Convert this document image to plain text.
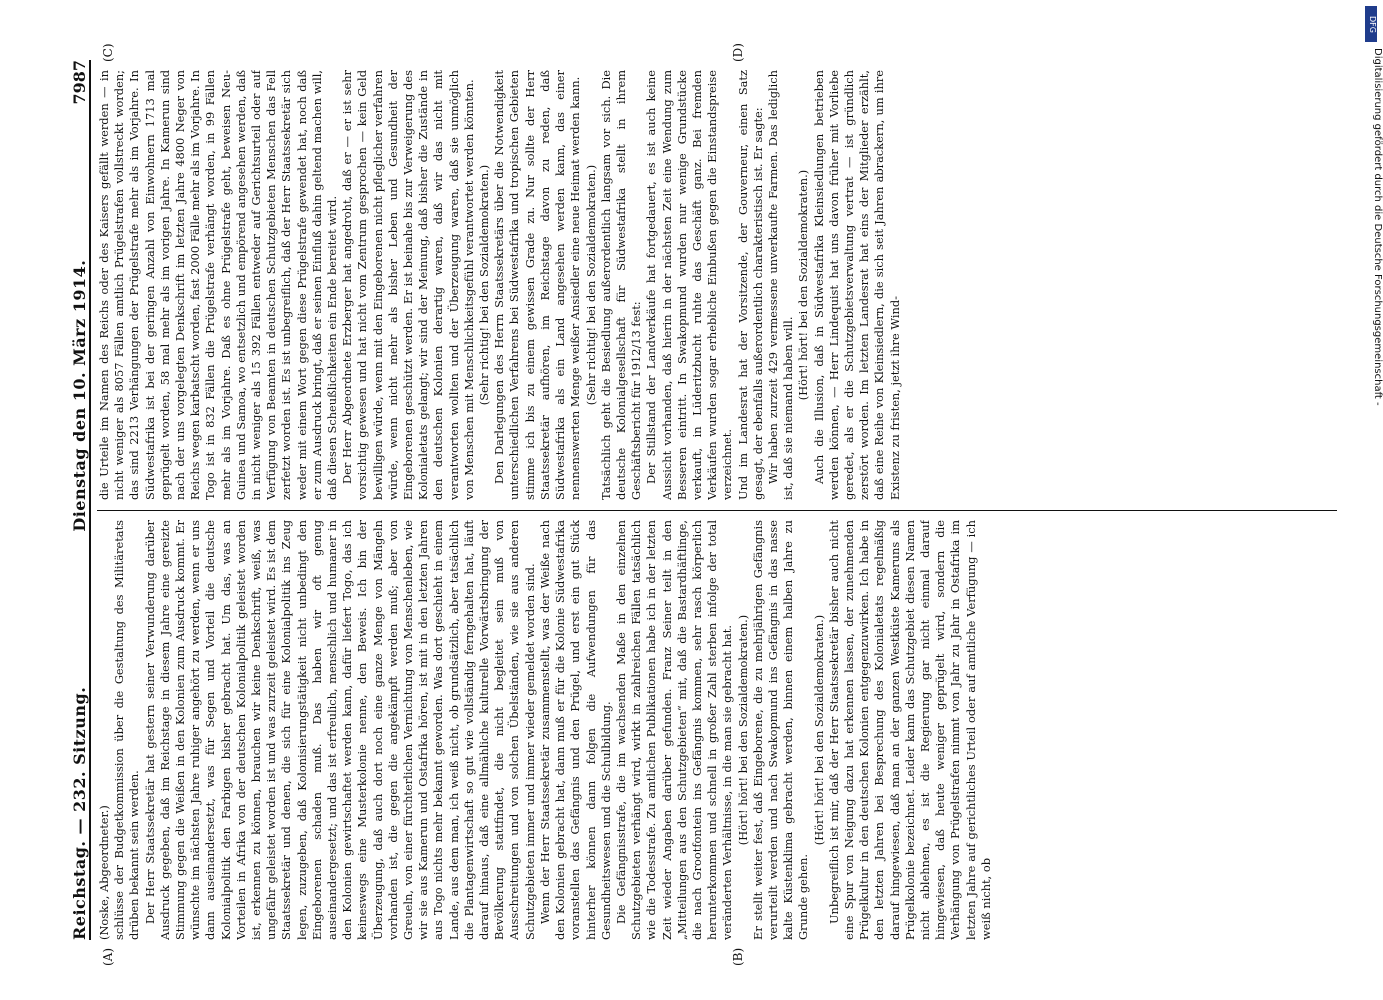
Reichstag. — 232. Sitzung.
Dienstag den 10. März 1914.
7987
(A)	(B)
(C)	(D)

(Noske, Abgeordneter.) schlüsse der Budgetkommission über die Gestaltung des Militäretats drüben bekannt sein werden. Der Herr Staatssekretär hat gestern seiner Verwunderung darüber Ausdruck gegeben, daß im Reichstage in diesem Jahre eine gereizte Stimmung gegen die Weißen in den Kolonien zum Ausdruck kommt. Er wünschte im nächsten Jahre ruhiger angehört zu werden, wenn er uns dann auseinandersetzt, was für Segen und Vorteil die deutsche Kolonialpolitik den Farbigen bisher gebracht hat. Um das, was an Vorteilen in Afrika von der deutschen Kolonialpolitik geleistet worden ist, erkennen zu können, brauchen wir keine Denkschrift, weiß, was ungefähr geleistet worden ist und was zurzeit geleistet wird. Es ist dem Staatssekretär und denen, die sich für eine Kolonialpolitik ins Zeug legen, zuzugeben, daß Kolonisierungstätigkeit nicht unbedingt den Eingeborenen schaden muß. Das haben wir oft genug auseinandergesetzt; und das ist erfreulich, menschlich und humaner in den Kolonien gewirtschaftet werden kann, dafür liefert Togo, das ich keineswegs eine Musterkolonie nenne, den Beweis. Ich bin der Überzeugung, daß auch dort noch eine ganze Menge von Mängeln vorhanden ist, die gegen die angekämpft werden muß; aber von Greueln, von einer fürchterlichen Vernichtung von Menschenleben, wie wir sie aus Kamerun und Ostafrika hören, ist mit in den letzten Jahren aus Togo nichts mehr bekannt geworden. Was dort geschieht in einem Lande, aus dem man, ich weiß nicht, ob grundsätzlich, aber tatsächlich die Plantagenwirtschaft so gut wie vollständig ferngehalten hat, läuft darauf hinaus, daß eine allmähliche kulturelle Vorwärtsbringung der Bevölkerung stattfindet, die nicht begleitet sein muß von Ausschreitungen und von solchen Übelständen, wie sie aus anderen Schutzgebieten immer und immer wieder gemeldet worden sind. Wenn der Herr Staatssekretär zusammenstellt, was der Weiße nach den Kolonien gebracht hat, dann muß er für die Kolonie Südwestafrika voranstellen das Gefängnis und den Prügel, und erst ein gut Stück hinterher können dann folgen die Aufwendungen für das Gesundheitswesen und die Schulbildung. Die Gefängnisstrafe, die im wachsenden Maße in den einzelnen Schutzgebieten verhängt wird, wirkt in zahlreichen Fällen tatsächlich wie die Todesstrafe. Zu amtlichen Publikationen habe ich in der letzten Zeit wieder Angaben darüber gefunden. Franz Seiner teilt in den „Mitteilungen aus den Schutzgebieten“ mit, daß die Bastardhäftlinge, die nach Grootfontein ins Gefängnis kommen, sehr rasch körperlich herunterkommen und schnell in großer Zahl sterben infolge der total veränderten Verhältnisse, in die man sie gebracht hat. (Hört! hört! bei den Sozialdemokraten.) Er stellt weiter fest, daß Eingeborene, die zu mehrjährigen Gefängnis verurteilt werden und nach Swakopmund ins Gefängnis in das nasse kalte Küstenklima gebracht werden, binnen einem halben Jahre zu Grunde gehen.

(Hört! hört! bei den Sozialdemokraten.) Unbegreiflich ist mir, daß der Herr Staatssekretär bisher auch nicht eine Spur von Neigung dazu hat erkennen lassen, der zunehmenden Prügelkultur in den deutschen Kolonien entgegenzuwirken. Ich habe in den letzten Jahren bei Besprechung des Kolonialetats regelmäßig darauf hingewiesen, daß man an der ganzen Westküste Kameruns als Prügelkolonie bezeichnet. Leider kann das Schutzgebiet diesen Namen nicht ablehnen, es ist die Regierung gar nicht einmal darauf hingewiesen, daß heute weniger geprügelt wird, sondern die Verhängung von Prügelstrafen nimmt von Jahr zu Jahr in Ostafrika im letzten Jahre auf gerichtliches Urteil oder auf amtliche Verfügung — ich weiß nicht, ob

die Urteile im Namen des Reichs oder des Kaisers gefällt werden — in nicht weniger als 8057 Fällen amtlich Prügelstrafen vollstreckt worden; das sind 2213 Verhängungen der Prügelstrafe mehr als im Vorjahre. In Südwestafrika ist bei der geringen Anzahl von Einwohnern 1713 mal geprügelt worden, 58 mal mehr als im vorigen Jahre. In Kamerun sind nach der uns vorgelegten Denkschrift im letzten Jahre 4800 Neger von Reichs wegen karbatscht worden, fast 2000 Fälle mehr als im Vorjahre. In Togo ist in 832 Fällen die Prügelstrafe verhängt worden, in 99 Fällen mehr als im Vorjahre. Daß es ohne Prügelstrafe geht, beweisen Neu-Guinea und Samoa, wo entsetzlich und empörend angesehen werden, daß in nicht weniger als 15 392 Fällen entweder auf Gerichtsurteil oder auf Verfügung von Beamten in deutschen Schutzgebieten Menschen das Fell zerfetzt worden ist. Es ist unbegreiflich, daß der Herr Staatssekretär sich weder mit einem Wort gegen diese Prügelstrafe gewendet hat, noch daß er zum Ausdruck bringt, daß er seinen Einfluß dahin geltend machen will, daß diesen Scheußlichkeiten ein Ende bereitet wird. Der Herr Abgeordnete Erzberger hat angedroht, daß er — er ist sehr vorsichtig gewesen und hat nicht vom Zentrum gesprochen — kein Geld bewilligen würde, wenn mit den Eingeborenen nicht pfleglicher verfahren würde, wenn nicht mehr als bisher Leben und Gesundheit der Eingeborenen geschützt werden. Er ist beinahe bis zur Verweigerung des Kolonialetats gelangt; wir sind der Meinung, daß bisher die Zustände in den deutschen Kolonien derartig waren, daß wir das nicht mit verantworten wollten und der Überzeugung waren, daß sie unmöglich von Menschen mit Menschlichkeitsgefühl verantwortet werden könnten. (Sehr richtig! bei den Sozialdemokraten.) Den Darlegungen des Herrn Staatssekretärs über die Notwendigkeit unterschiedlichen Verfahrens bei Südwestafrika und tropischen Gebieten stimme ich bis zu einem gewissen Grade zu. Nur sollte der Herr Staatssekretär aufhören, im Reichstage davon zu reden, daß Südwestafrika als ein Land angesehen werden kann, das einer nennenswerten Menge weißer Ansiedler eine neue Heimat werden kann. (Sehr richtig! bei den Sozialdemokraten.) Tatsächlich geht die Besiedlung außerordentlich langsam vor sich. Die deutsche Kolonialgesellschaft für Südwestafrika stellt in ihrem Geschäftsbericht für 1912/13 fest: Der Stillstand der Landverkäufe hat fortgedauert, es ist auch keine Aussicht vorhanden, daß hierin in der nächsten Zeit eine Wendung zum Besseren eintritt. In Swakopmund wurden nur wenige Grundstücke verkauft, in Lüderitzbucht ruhte das Geschäft ganz. Bei fremden Verkäufen wurden sogar erhebliche Einbußen gegen die Einstandspreise verzeichnet. Und im Landesrat hat der Vorsitzende, der Gouverneur, einen Satz gesagt, der ebenfalls außerordentlich charakteristisch ist. Er sagte: Wir haben zurzeit 429 vermessene unverkaufte Farmen. Das lediglich ist, daß sie niemand haben will.

(Hört! hört! bei den Sozialdemokraten.) Auch die Illusion, daß in Südwestafrika Kleinsiedlungen betrieben werden können, — Herr Lindequist hat uns davon früher mit Vorliebe geredet, als er die Schutzgebietsverwaltung vertrat — ist gründlich zerstört worden. Im letzten Landesrat hat eins der Mitglieder erzählt, daß eine Reihe von Kleinsiedlern, die sich seit Jahren abrackern, um ihre Existenz zu fristen, jetzt ihre Wind-	Digitalisierung gefördert durch die Deutsche Forschungsgemeinschaft -
DFG
